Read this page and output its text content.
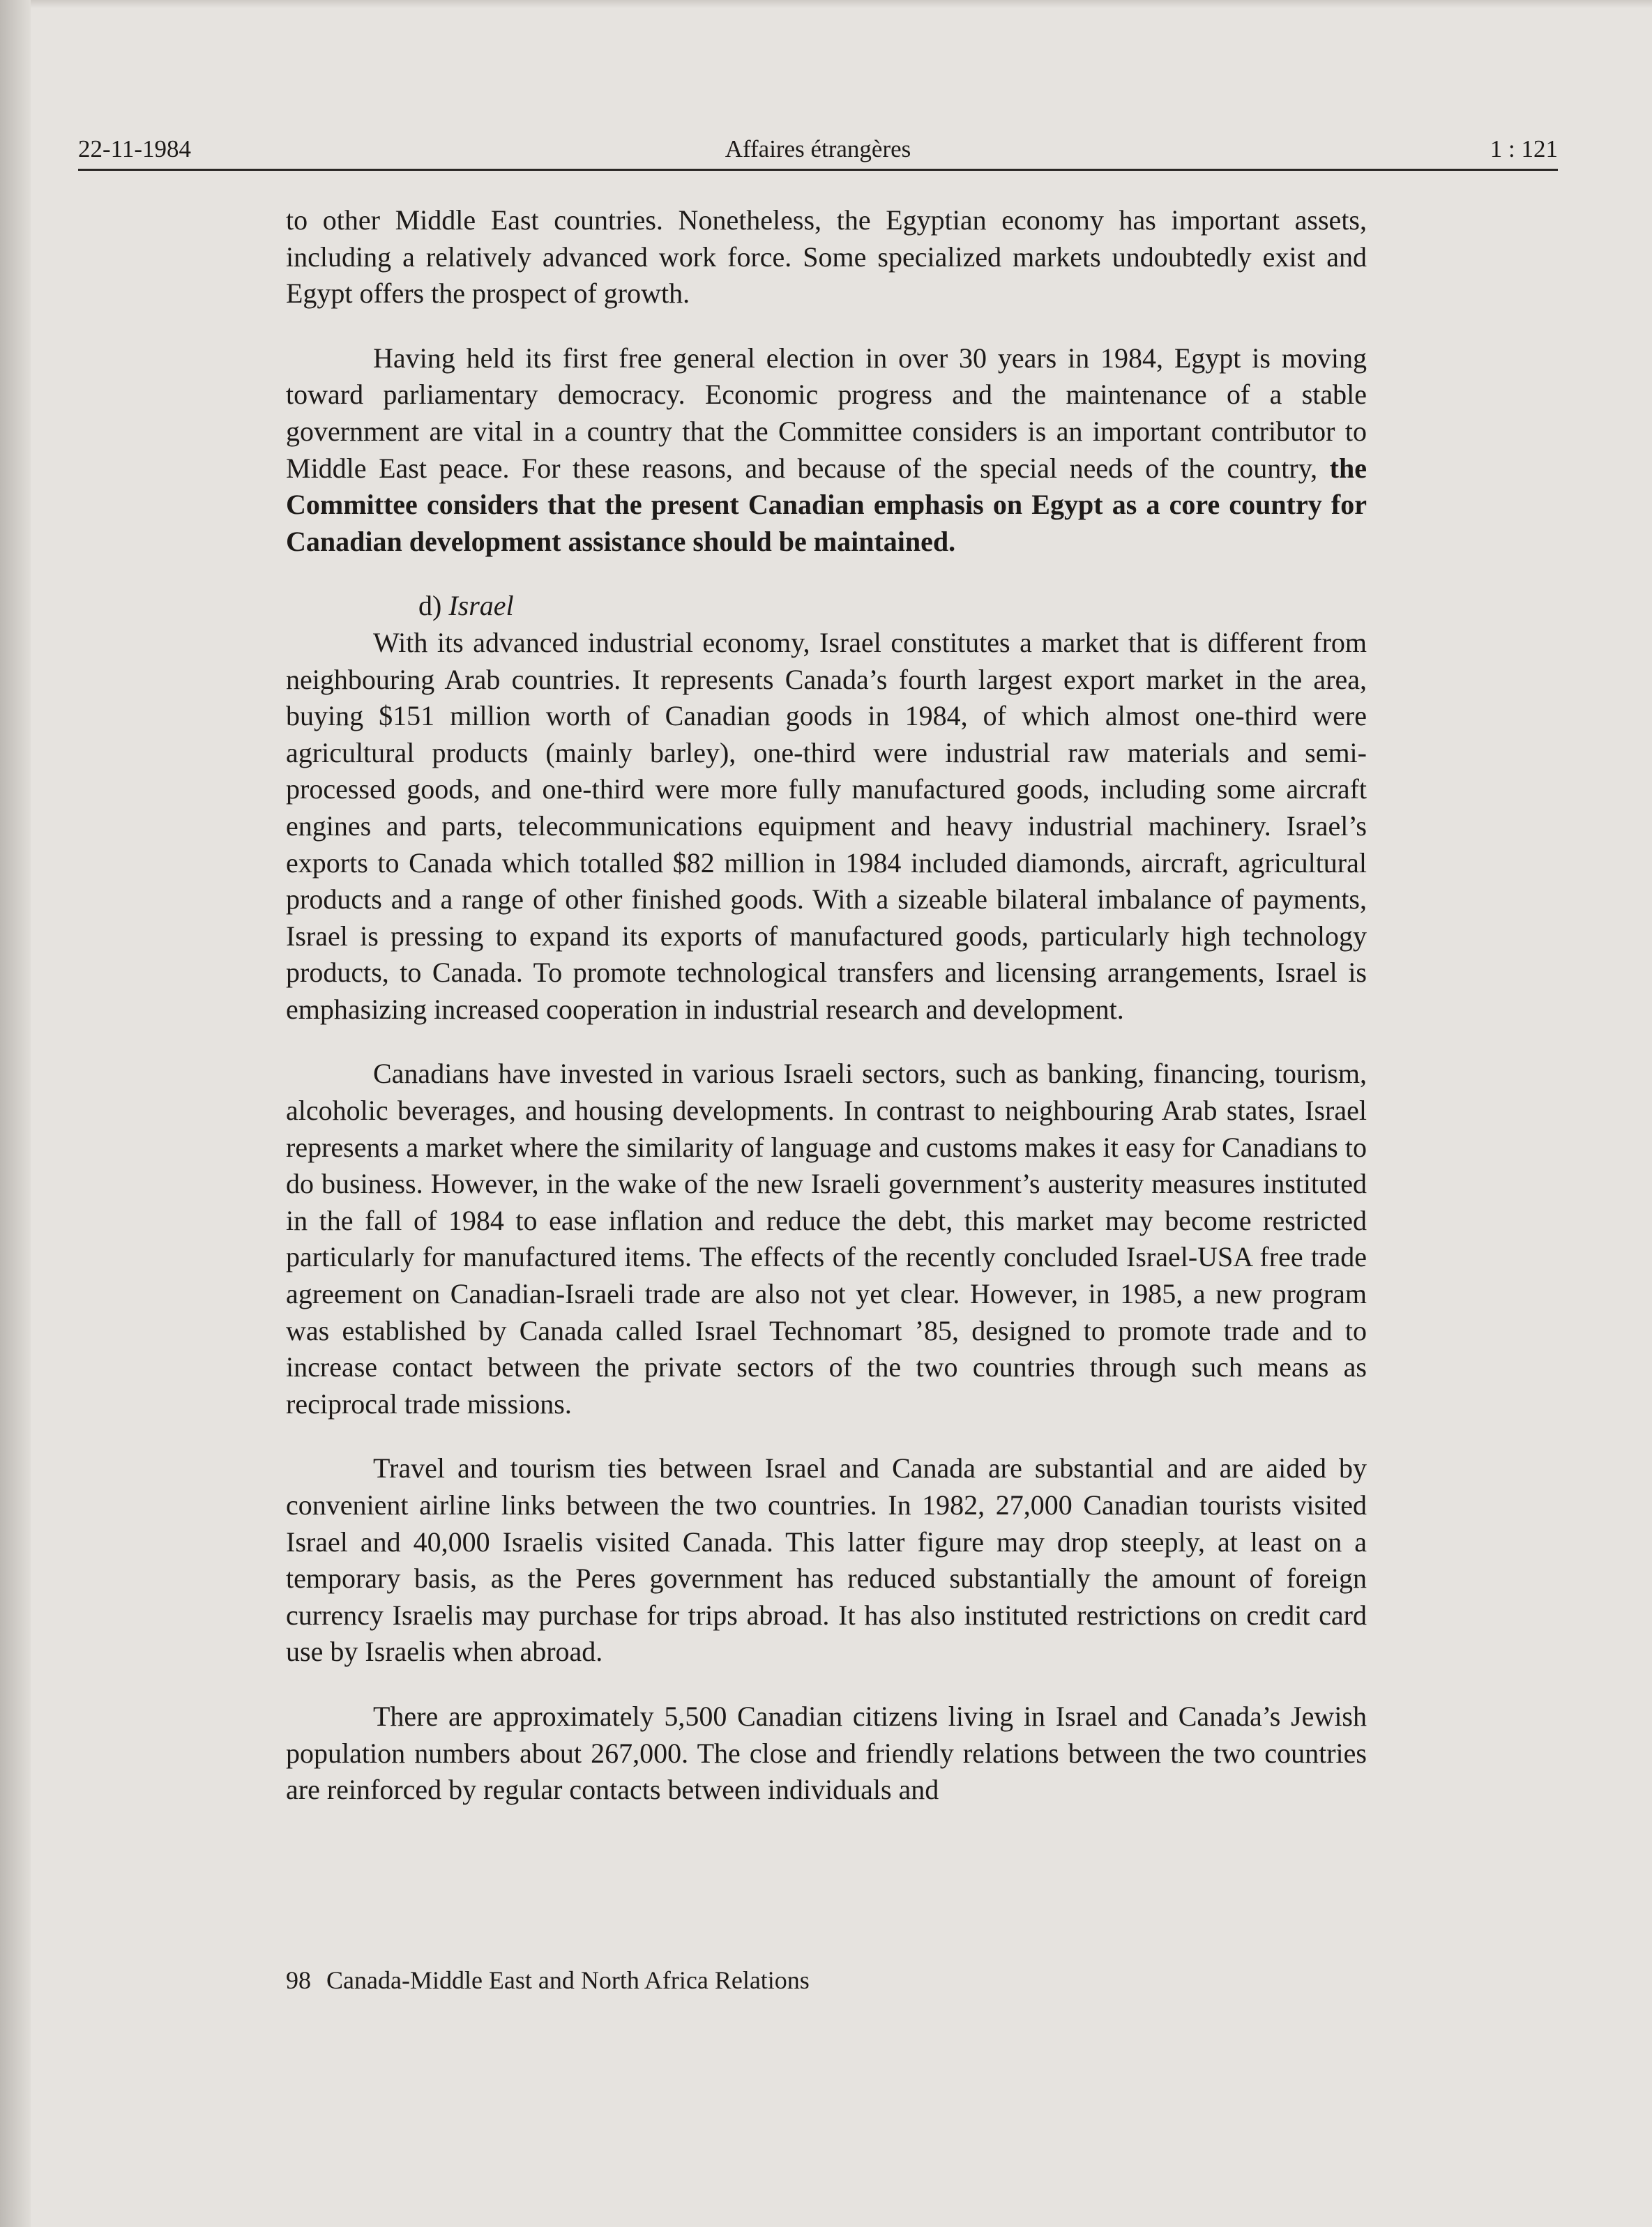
22-11-1984	Affaires étrangères	1 : 121

to other Middle East countries. Nonetheless, the Egyptian economy has important assets, including a relatively advanced work force. Some specialized markets undoubtedly exist and Egypt offers the prospect of growth.

Having held its first free general election in over 30 years in 1984, Egypt is moving toward parliamentary democracy. Economic progress and the maintenance of a stable government are vital in a country that the Committee considers is an important contributor to Middle East peace. For these reasons, and because of the special needs of the country, the Committee considers that the present Canadian emphasis on Egypt as a core country for Canadian development assistance should be maintained.

d) Israel

With its advanced industrial economy, Israel constitutes a market that is different from neighbouring Arab countries. It represents Canada’s fourth largest export market in the area, buying $151 million worth of Canadian goods in 1984, of which almost one-third were agricultural products (mainly barley), one-third were industrial raw materials and semi-processed goods, and one-third were more fully manufactured goods, including some aircraft engines and parts, telecommunications equipment and heavy industrial machinery. Israel’s exports to Canada which totalled $82 million in 1984 included diamonds, aircraft, agricultural products and a range of other finished goods. With a sizeable bilateral imbalance of payments, Israel is pressing to expand its exports of manufactured goods, particularly high technology products, to Canada. To promote technological transfers and licensing arrangements, Israel is emphasizing increased cooperation in industrial research and development.

Canadians have invested in various Israeli sectors, such as banking, financing, tourism, alcoholic beverages, and housing developments. In contrast to neighbouring Arab states, Israel represents a market where the similarity of language and customs makes it easy for Canadians to do business. However, in the wake of the new Israeli government’s austerity measures instituted in the fall of 1984 to ease inflation and reduce the debt, this market may become restricted particularly for manufactured items. The effects of the recently concluded Israel-USA free trade agreement on Canadian-Israeli trade are also not yet clear. However, in 1985, a new program was established by Canada called Israel Technomart ’85, designed to promote trade and to increase contact between the private sectors of the two countries through such means as reciprocal trade missions.

Travel and tourism ties between Israel and Canada are substantial and are aided by convenient airline links between the two countries. In 1982, 27,000 Canadian tourists visited Israel and 40,000 Israelis visited Canada. This latter figure may drop steeply, at least on a temporary basis, as the Peres government has reduced substantially the amount of foreign currency Israelis may purchase for trips abroad. It has also instituted restrictions on credit card use by Israelis when abroad.

There are approximately 5,500 Canadian citizens living in Israel and Canada’s Jewish population numbers about 267,000. The close and friendly relations between the two countries are reinforced by regular contacts between individuals and

98 Canada-Middle East and North Africa Relations
